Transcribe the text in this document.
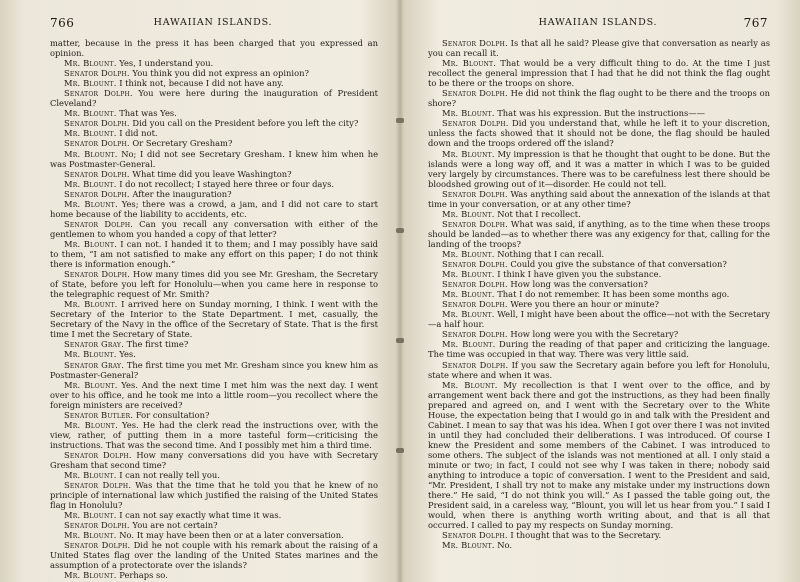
766	HAWAIIAN ISLANDS.

matter, because in the press it has been charged that you expressed an opinion.

Mr. Blount. Yes, I understand you.

Senator Dolph. You think you did not express an opinion?

Mr. Blount. I think not, because I did not have any.

Senator Dolph. You were here during the inauguration of President Cleveland?

Mr. Blount. That was Yes.

Senator Dolph. Did you call on the President before you left the city?

Mr. Blount. I did not.

Senator Dolph. Or Secretary Gresham?

Mr. Blount. No; I did not see Secretary Gresham. I knew him when he was Postmaster-General.

Senator Dolph. What time did you leave Washington?

Mr. Blount. I do not recollect; I stayed here three or four days.

Senator Dolph. After the inauguration?

Mr. Blount. Yes; there was a crowd, a jam, and I did not care to start home because of the liability to accidents, etc.

Senator Dolph. Can you recall any conversation with either of the gentlemen to whom you handed a copy of that letter?

Mr. Blount. I can not. I handed it to them; and I may possibly have said to them, “I am not satisfied to make any effort on this paper; I do not think there is information enough.”

Senator Dolph. How many times did you see Mr. Gresham, the Secretary of State, before you left for Honolulu—when you came here in response to the telegraphic request of Mr. Smith?

Mr. Blount. I arrived here on Sunday morning, I think. I went with the Secretary of the Interior to the State Department. I met, casually, the Secretary of the Navy in the office of the Secretary of State. That is the first time I met the Secretary of State.

Senator Gray. The first time?

Mr. Blount. Yes.

Senator Gray. The first time you met Mr. Gresham since you knew him as Postmaster-General?

Mr. Blount. Yes. And the next time I met him was the next day. I went over to his office, and he took me into a little room—you recollect where the foreign ministers are received?

Senator Butler. For consultation?

Mr. Blount. Yes. He had the clerk read the instructions over, with the view, rather, of putting them in a more tasteful form—criticising the instructions. That was the second time. And I possibly met him a third time.

Senator Dolph. How many conversations did you have with Secretary Gresham that second time?

Mr. Blount. I can not really tell you.

Senator Dolph. Was that the time that he told you that he knew of no principle of international law which justified the raising of the United States flag in Honolulu?

Mr. Blount. I can not say exactly what time it was.

Senator Dolph. You are not certain?

Mr. Blount. No. It may have been then or at a later conversation.

Senator Dolph. Did he not couple with his remark about the raising of a United States flag over the landing of the United States marines and the assumption of a protectorate over the islands?

Mr. Blount. Perhaps so.

HAWAIIAN ISLANDS.	767

Senator Dolph. Is that all he said? Please give that conversation as nearly as you can recall it.

Mr. Blount. That would be a very difficult thing to do. At the time I just recollect the general impression that I had that he did not think the flag ought to be there or the troops on shore.

Senator Dolph. He did not think the flag ought to be there and the troops on shore?

Mr. Blount. That was his expression. But the instructions——

Senator Dolph. Did you understand that, while he left it to your discretion, unless the facts showed that it should not be done, the flag should be hauled down and the troops ordered off the island?

Mr. Blount. My impression is that he thought that ought to be done. But the islands were a long way off, and it was a matter in which I was to be guided very largely by circumstances. There was to be carefulness lest there should be bloodshed growing out of it—disorder. He could not tell.

Senator Dolph. Was anything said about the annexation of the islands at that time in your conversation, or at any other time?

Mr. Blount. Not that I recollect.

Senator Dolph. What was said, if anything, as to the time when these troops should be landed—as to whether there was any exigency for that, calling for the landing of the troops?

Mr. Blount. Nothing that I can recall.

Senator Dolph. Could you give the substance of that conversation?

Mr. Blount. I think I have given you the substance.

Senator Dolph. How long was the conversation?

Mr. Blount. That I do not remember. It has been some months ago.

Senator Dolph. Were you there an hour or minute?

Mr. Blount. Well, I might have been about the office—not with the Secretary—a half hour.

Senator Dolph. How long were you with the Secretary?

Mr. Blount. During the reading of that paper and criticizing the language. The time was occupied in that way. There was very little said.

Senator Dolph. If you saw the Secretary again before you left for Honolulu, state where and when it was.

Mr. Blount. My recollection is that I went over to the office, and by arrangement went back there and got the instructions, as they had been finally prepared and agreed on, and I went with the Secretary over to the White House, the expectation being that I would go in and talk with the President and Cabinet. I mean to say that was his idea. When I got over there I was not invited in until they had concluded their deliberations. I was introduced. Of course I knew the President and some members of the Cabinet. I was introduced to some others. The subject of the islands was not mentioned at all. I only staid a minute or two; in fact, I could not see why I was taken in there; nobody said anything to introduce a topic of conversation. I went to the President and said, “Mr. President, I shall try not to make any mistake under my instructions down there.” He said, “I do not think you will.” As I passed the table going out, the President said, in a careless way, “Blount, you will let us hear from you.” I said I would, when there is anything worth writing about, and that is all that occurred. I called to pay my respects on Sunday morning.

Senator Dolph. I thought that was to the Secretary.

Mr. Blount. No.
